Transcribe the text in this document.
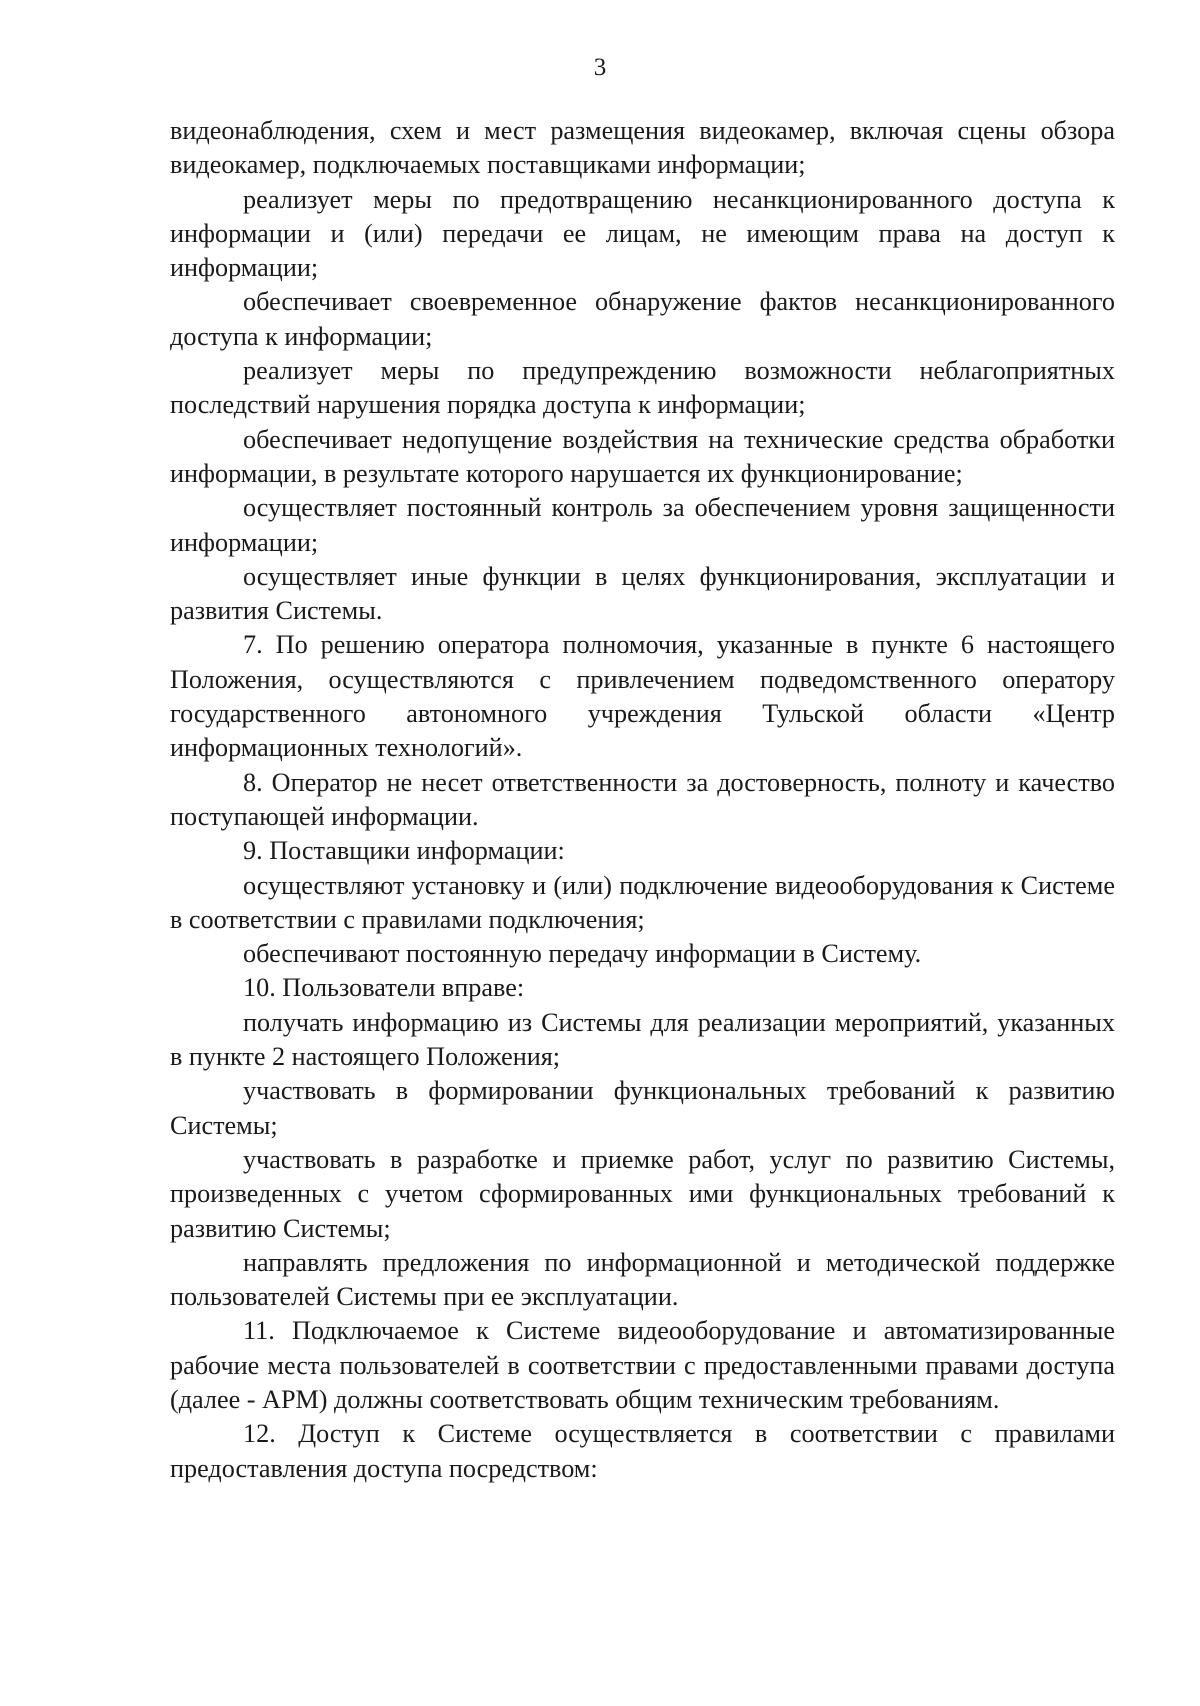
3

видеонаблюдения, схем и мест размещения видеокамер, включая сцены обзора видеокамер, подключаемых поставщиками информации;

реализует меры по предотвращению несанкционированного доступа к информации и (или) передачи ее лицам, не имеющим права на доступ к информации;

обеспечивает своевременное обнаружение фактов несанкционированного доступа к информации;

реализует меры по предупреждению возможности неблагоприятных последствий нарушения порядка доступа к информации;

обеспечивает недопущение воздействия на технические средства обработки информации, в результате которого нарушается их функционирование;

осуществляет постоянный контроль за обеспечением уровня защищенности информации;

осуществляет иные функции в целях функционирования, эксплуатации и развития Системы.

7. По решению оператора полномочия, указанные в пункте 6 настоящего Положения, осуществляются с привлечением подведомственного оператору государственного автономного учреждения Тульской области «Центр информационных технологий».

8. Оператор не несет ответственности за достоверность, полноту и качество поступающей информации.

9. Поставщики информации:

осуществляют установку и (или) подключение видеооборудования к Системе в соответствии с правилами подключения;

обеспечивают постоянную передачу информации в Систему.

10. Пользователи вправе:

получать информацию из Системы для реализации мероприятий, указанных в пункте 2 настоящего Положения;

участвовать в формировании функциональных требований к развитию Системы;

участвовать в разработке и приемке работ, услуг по развитию Системы, произведенных с учетом сформированных ими функциональных требований к развитию Системы;

направлять предложения по информационной и методической поддержке пользователей Системы при ее эксплуатации.

11. Подключаемое к Системе видеооборудование и автоматизированные рабочие места пользователей в соответствии с предоставленными правами доступа (далее - АРМ) должны соответствовать общим техническим требованиям.

12. Доступ к Системе осуществляется в соответствии с правилами предоставления доступа посредством:
